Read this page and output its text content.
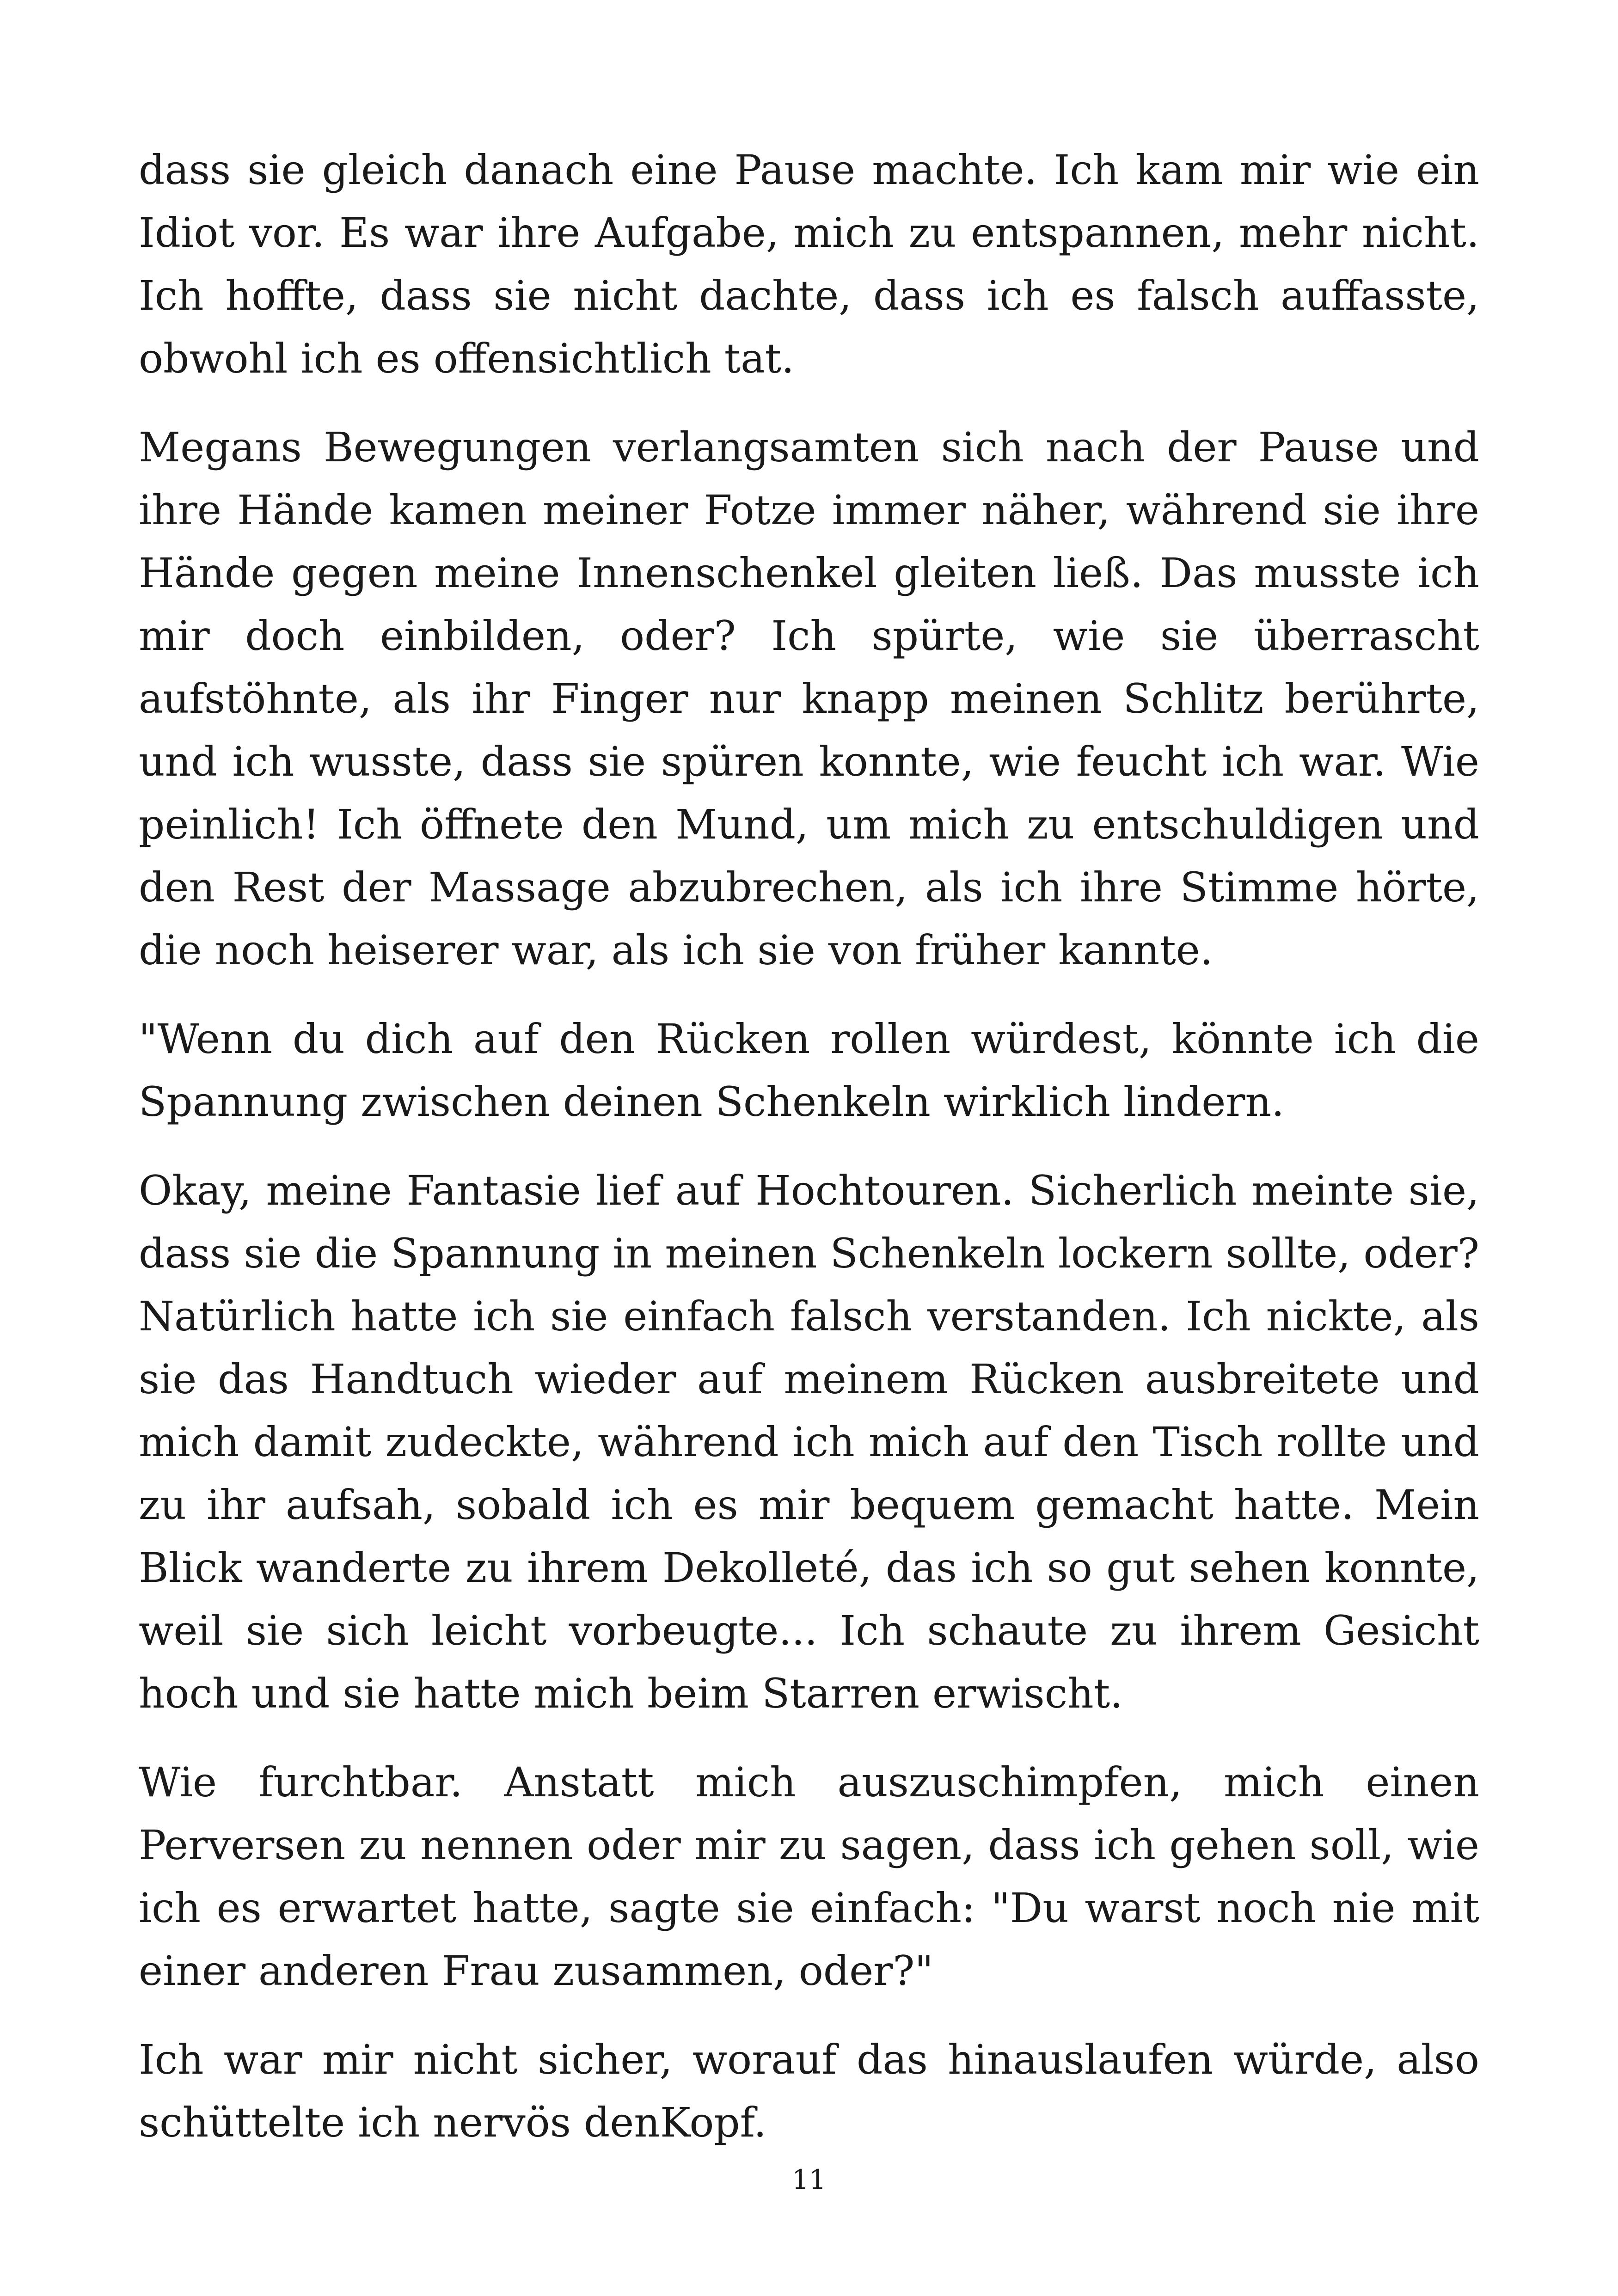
dass sie gleich danach eine Pause machte. Ich kam mir wie ein Idiot vor. Es war ihre Aufgabe, mich zu entspannen, mehr nicht. Ich hoffte, dass sie nicht dachte, dass ich es falsch auffasste, obwohl ich es offensichtlich tat.

Megans Bewegungen verlangsamten sich nach der Pause und ihre Hände kamen meiner Fotze immer näher, während sie ihre Hände gegen meine Innenschenkel gleiten ließ. Das musste ich mir doch einbilden, oder? Ich spürte, wie sie überrascht aufstöhnte, als ihr Finger nur knapp meinen Schlitz berührte, und ich wusste, dass sie spüren konnte, wie feucht ich war. Wie peinlich! Ich öffnete den Mund, um mich zu entschuldigen und den Rest der Massage abzubrechen, als ich ihre Stimme hörte, die noch heiserer war, als ich sie von früher kannte.

"Wenn du dich auf den Rücken rollen würdest, könnte ich die Spannung zwischen deinen Schenkeln wirklich lindern.

Okay, meine Fantasie lief auf Hochtouren. Sicherlich meinte sie, dass sie die Spannung in meinen Schenkeln lockern sollte, oder? Natürlich hatte ich sie einfach falsch verstanden. Ich nickte, als sie das Handtuch wieder auf meinem Rücken ausbreitete und mich damit zudeckte, während ich mich auf den Tisch rollte und zu ihr aufsah, sobald ich es mir bequem gemacht hatte. Mein Blick wanderte zu ihrem Dekolleté, das ich so gut sehen konnte, weil sie sich leicht vorbeugte... Ich schaute zu ihrem Gesicht hoch und sie hatte mich beim Starren erwischt.

Wie furchtbar. Anstatt mich auszuschimpfen, mich einen Perversen zu nennen oder mir zu sagen, dass ich gehen soll, wie ich es erwartet hatte, sagte sie einfach: "Du warst noch nie mit einer anderen Frau zusammen, oder?"

Ich war mir nicht sicher, worauf das hinauslaufen würde, also schüttelte ich nervös denKopf.

11
